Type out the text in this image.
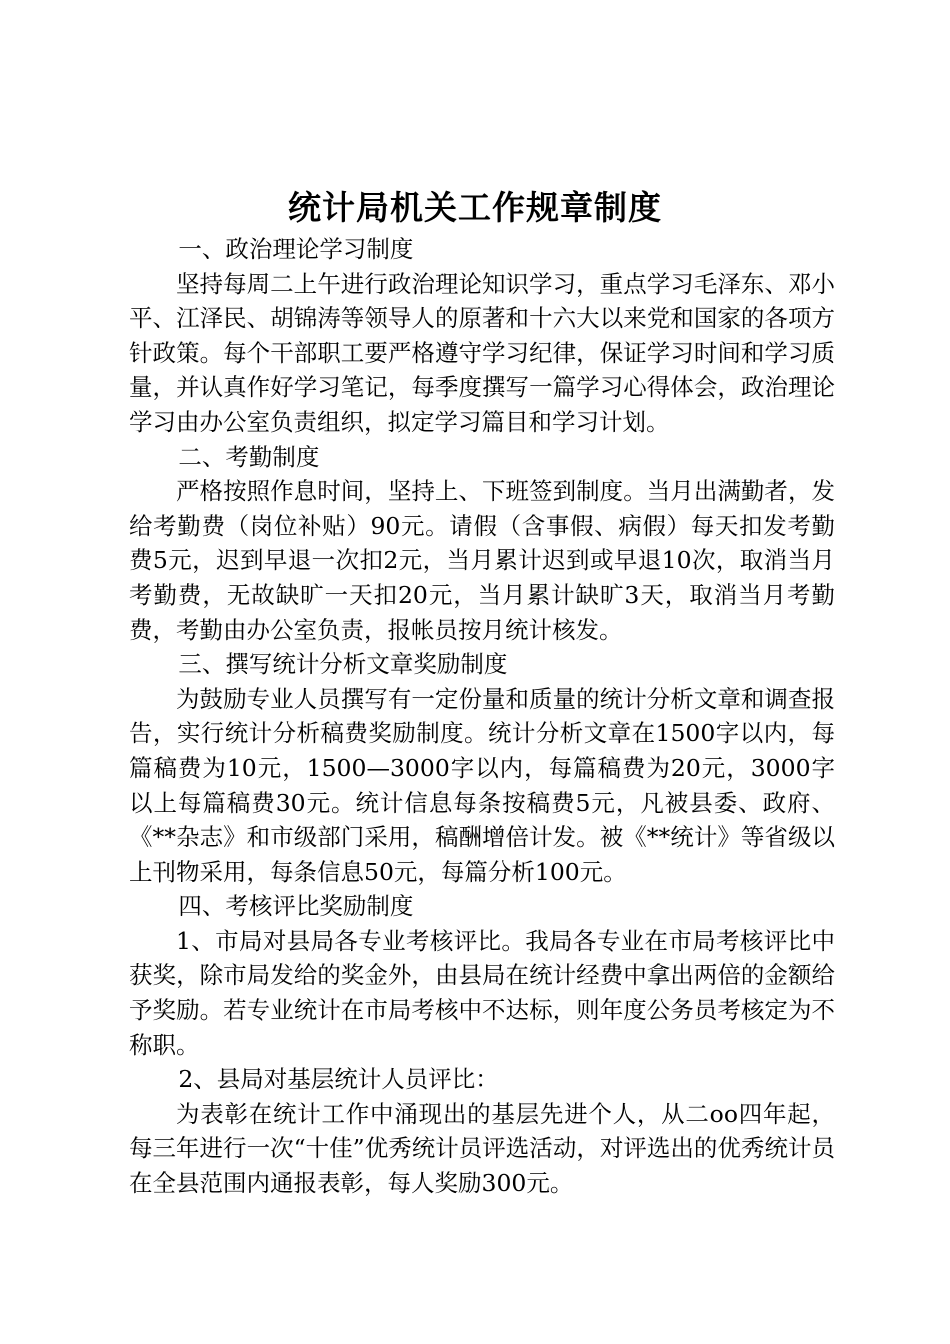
统计局机关工作规章制度

一、政治理论学习制度

坚持每周二上午进行政治理论知识学习，重点学习毛泽东、邓小平、江泽民、胡锦涛等领导人的原著和十六大以来党和国家的各项方针政策。每个干部职工要严格遵守学习纪律，保证学习时间和学习质量，并认真作好学习笔记，每季度撰写一篇学习心得体会，政治理论学习由办公室负责组织，拟定学习篇目和学习计划。

二、考勤制度

严格按照作息时间，坚持上、下班签到制度。当月出满勤者，发给考勤费（岗位补贴）90元。请假（含事假、病假）每天扣发考勤费5元，迟到早退一次扣2元，当月累计迟到或早退10次，取消当月考勤费，无故缺旷一天扣20元，当月累计缺旷3天，取消当月考勤费，考勤由办公室负责，报帐员按月统计核发。

三、撰写统计分析文章奖励制度

为鼓励专业人员撰写有一定份量和质量的统计分析文章和调查报告，实行统计分析稿费奖励制度。统计分析文章在1500字以内，每篇稿费为10元，1500—3000字以内，每篇稿费为20元，3000字以上每篇稿费30元。统计信息每条按稿费5元，凡被县委、政府、《**杂志》和市级部门采用，稿酬增倍计发。被《**统计》等省级以上刊物采用，每条信息50元，每篇分析100元。

四、考核评比奖励制度

1、市局对县局各专业考核评比。我局各专业在市局考核评比中获奖，除市局发给的奖金外，由县局在统计经费中拿出两倍的金额给予奖励。若专业统计在市局考核中不达标，则年度公务员考核定为不称职。

2、县局对基层统计人员评比：

为表彰在统计工作中涌现出的基层先进个人，从二oo四年起，每三年进行一次“十佳”优秀统计员评选活动，对评选出的优秀统计员在全县范围内通报表彰，每人奖励300元。
